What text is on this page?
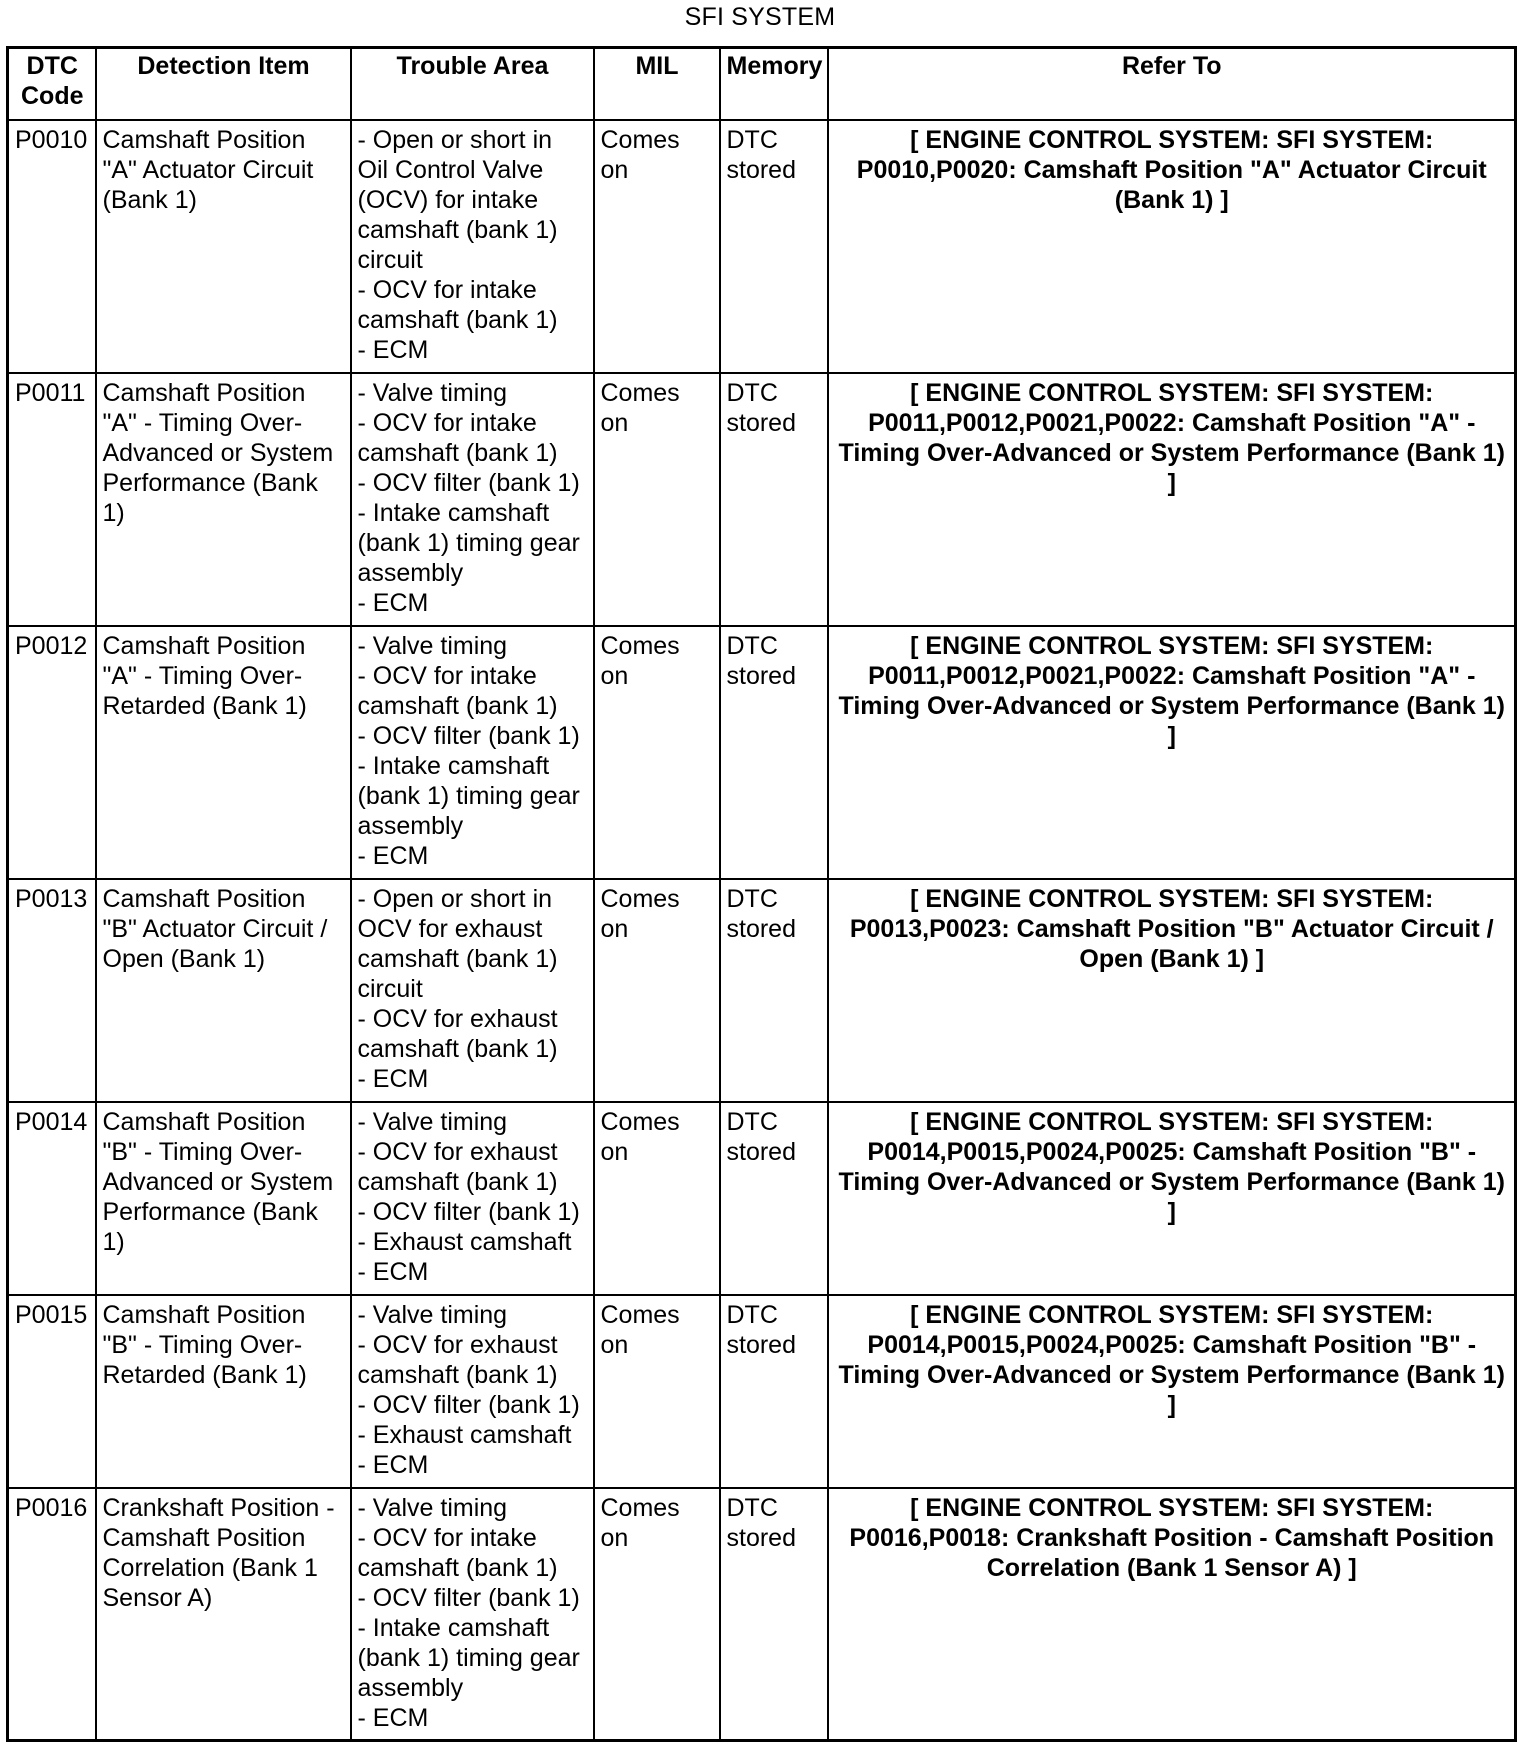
SFI SYSTEM
DTC Code	Detection Item	Trouble Area	MIL	Memory	Refer To
P0010	Camshaft Position "A" Actuator Circuit (Bank 1)	- Open or short in Oil Control Valve (OCV) for intake camshaft (bank 1) circuit
- OCV for intake camshaft (bank 1)
- ECM	Comes on	DTC stored	[ ENGINE CONTROL SYSTEM: SFI SYSTEM: P0010,P0020: Camshaft Position "A" Actuator Circuit (Bank 1) ]
P0011	Camshaft Position "A" - Timing Over-Advanced or System Performance (Bank 1)	- Valve timing
- OCV for intake camshaft (bank 1)
- OCV filter (bank 1)
- Intake camshaft (bank 1) timing gear assembly
- ECM	Comes on	DTC stored	[ ENGINE CONTROL SYSTEM: SFI SYSTEM: P0011,P0012,P0021,P0022: Camshaft Position "A" - Timing Over-Advanced or System Performance (Bank 1) ]
P0012	Camshaft Position "A" - Timing Over-Retarded (Bank 1)	- Valve timing
- OCV for intake camshaft (bank 1)
- OCV filter (bank 1)
- Intake camshaft (bank 1) timing gear assembly
- ECM	Comes on	DTC stored	[ ENGINE CONTROL SYSTEM: SFI SYSTEM: P0011,P0012,P0021,P0022: Camshaft Position "A" - Timing Over-Advanced or System Performance (Bank 1) ]
P0013	Camshaft Position "B" Actuator Circuit / Open (Bank 1)	- Open or short in OCV for exhaust camshaft (bank 1) circuit
- OCV for exhaust camshaft (bank 1)
- ECM	Comes on	DTC stored	[ ENGINE CONTROL SYSTEM: SFI SYSTEM: P0013,P0023: Camshaft Position "B" Actuator Circuit / Open (Bank 1) ]
P0014	Camshaft Position "B" - Timing Over-Advanced or System Performance (Bank 1)	- Valve timing
- OCV for exhaust camshaft (bank 1)
- OCV filter (bank 1)
- Exhaust camshaft
- ECM	Comes on	DTC stored	[ ENGINE CONTROL SYSTEM: SFI SYSTEM: P0014,P0015,P0024,P0025: Camshaft Position "B" - Timing Over-Advanced or System Performance (Bank 1) ]
P0015	Camshaft Position "B" - Timing Over-Retarded (Bank 1)	- Valve timing
- OCV for exhaust camshaft (bank 1)
- OCV filter (bank 1)
- Exhaust camshaft
- ECM	Comes on	DTC stored	[ ENGINE CONTROL SYSTEM: SFI SYSTEM: P0014,P0015,P0024,P0025: Camshaft Position "B" - Timing Over-Advanced or System Performance (Bank 1) ]
P0016	Crankshaft Position - Camshaft Position Correlation (Bank 1 Sensor A)	- Valve timing
- OCV for intake camshaft (bank 1)
- OCV filter (bank 1)
- Intake camshaft (bank 1) timing gear assembly
- ECM	Comes on	DTC stored	[ ENGINE CONTROL SYSTEM: SFI SYSTEM: P0016,P0018: Crankshaft Position - Camshaft Position Correlation (Bank 1 Sensor A) ]
